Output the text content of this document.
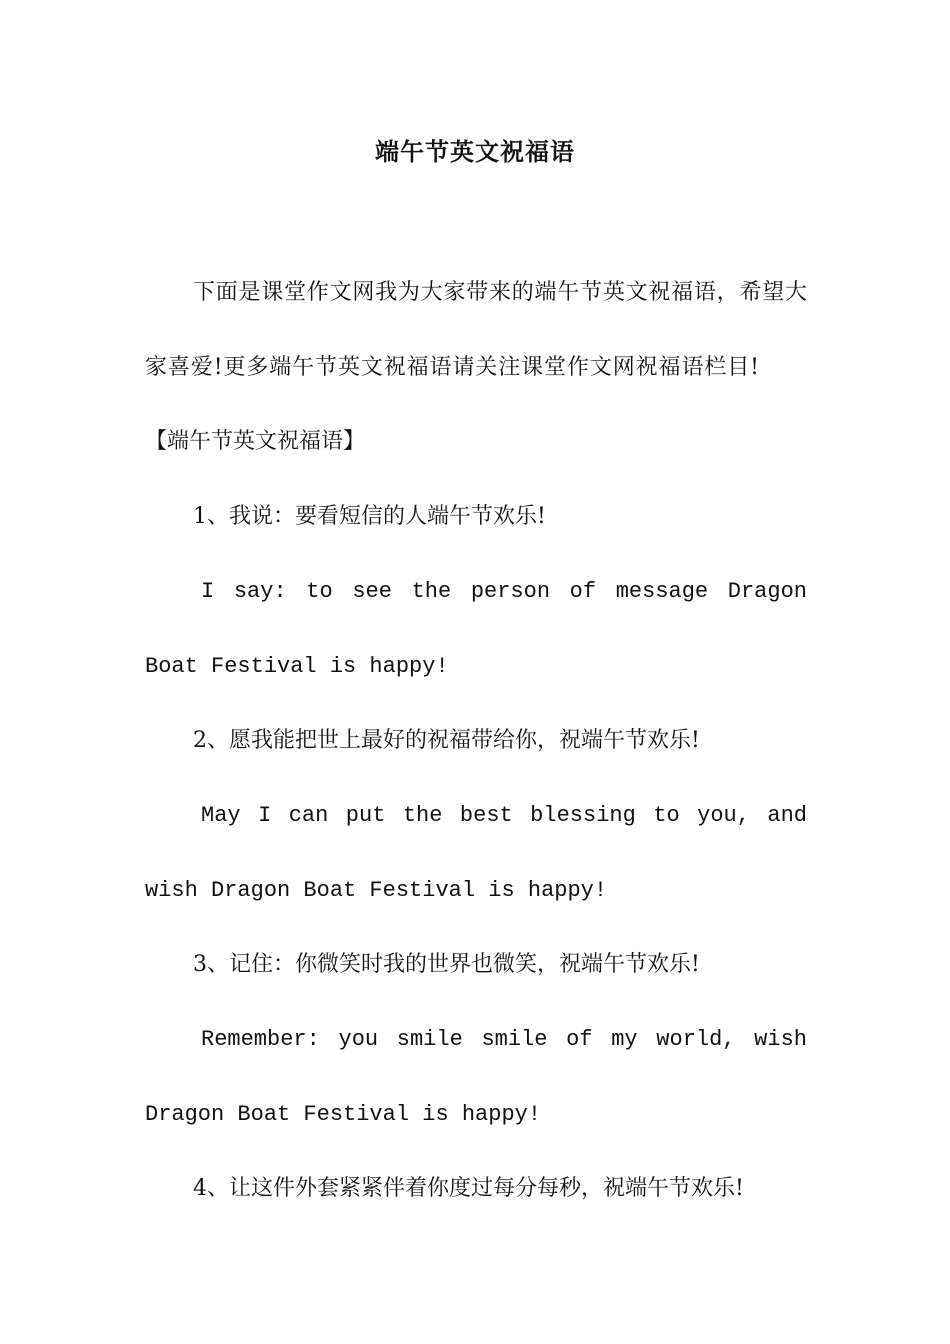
端午节英文祝福语

下面是课堂作文网我为大家带来的端午节英文祝福语，希望大家喜爱!更多端午节英文祝福语请关注课堂作文网祝福语栏目!【端午节英文祝福语】

1、我说：要看短信的人端午节欢乐!

I say: to see the person of message Dragon Boat Festival is happy!

2、愿我能把世上最好的祝福带给你，祝端午节欢乐!

May I can put the best blessing to you, and wish Dragon Boat Festival is happy!

3、记住：你微笑时我的世界也微笑，祝端午节欢乐!

Remember: you smile smile of my world, wish Dragon Boat Festival is happy!

4、让这件外套紧紧伴着你度过每分每秒，祝端午节欢乐!
